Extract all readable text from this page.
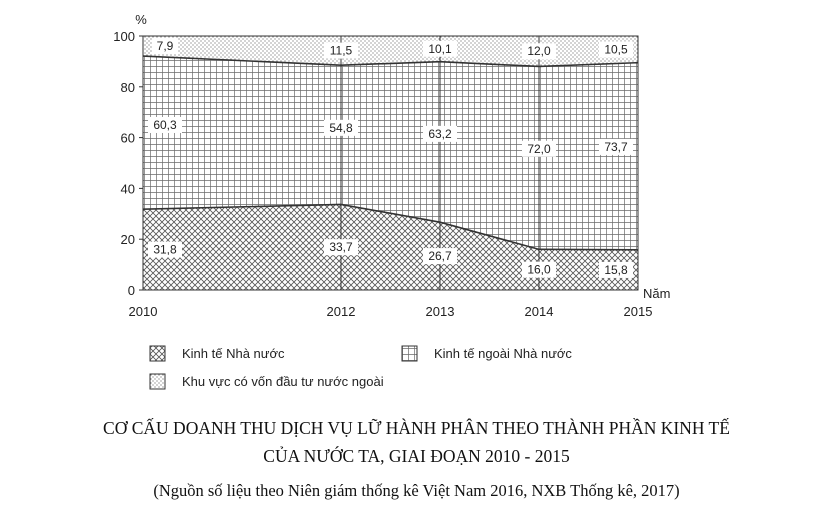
0
20
40
60
80
100
%
2010	2012	2013	2014	2015
Năm
31,8	33,7
26,7
16,0	15,8
60,3	54,8	63,2
72,0	73,7
7,9	11,5	10,1	12,0	10,5
Kinh tế Nhà nước	Kinh tế ngoài Nhà nước
Khu vực có vốn đầu tư nước ngoài
CƠ CẤU DOANH THU DỊCH VỤ LỮ HÀNH PHÂN THEO THÀNH PHẦN KINH TẾ
CỦA NƯỚC TA, GIAI ĐOẠN 2010 - 2015
(Nguồn số liệu theo Niên giám thống kê Việt Nam 2016, NXB Thống kê, 2017)
